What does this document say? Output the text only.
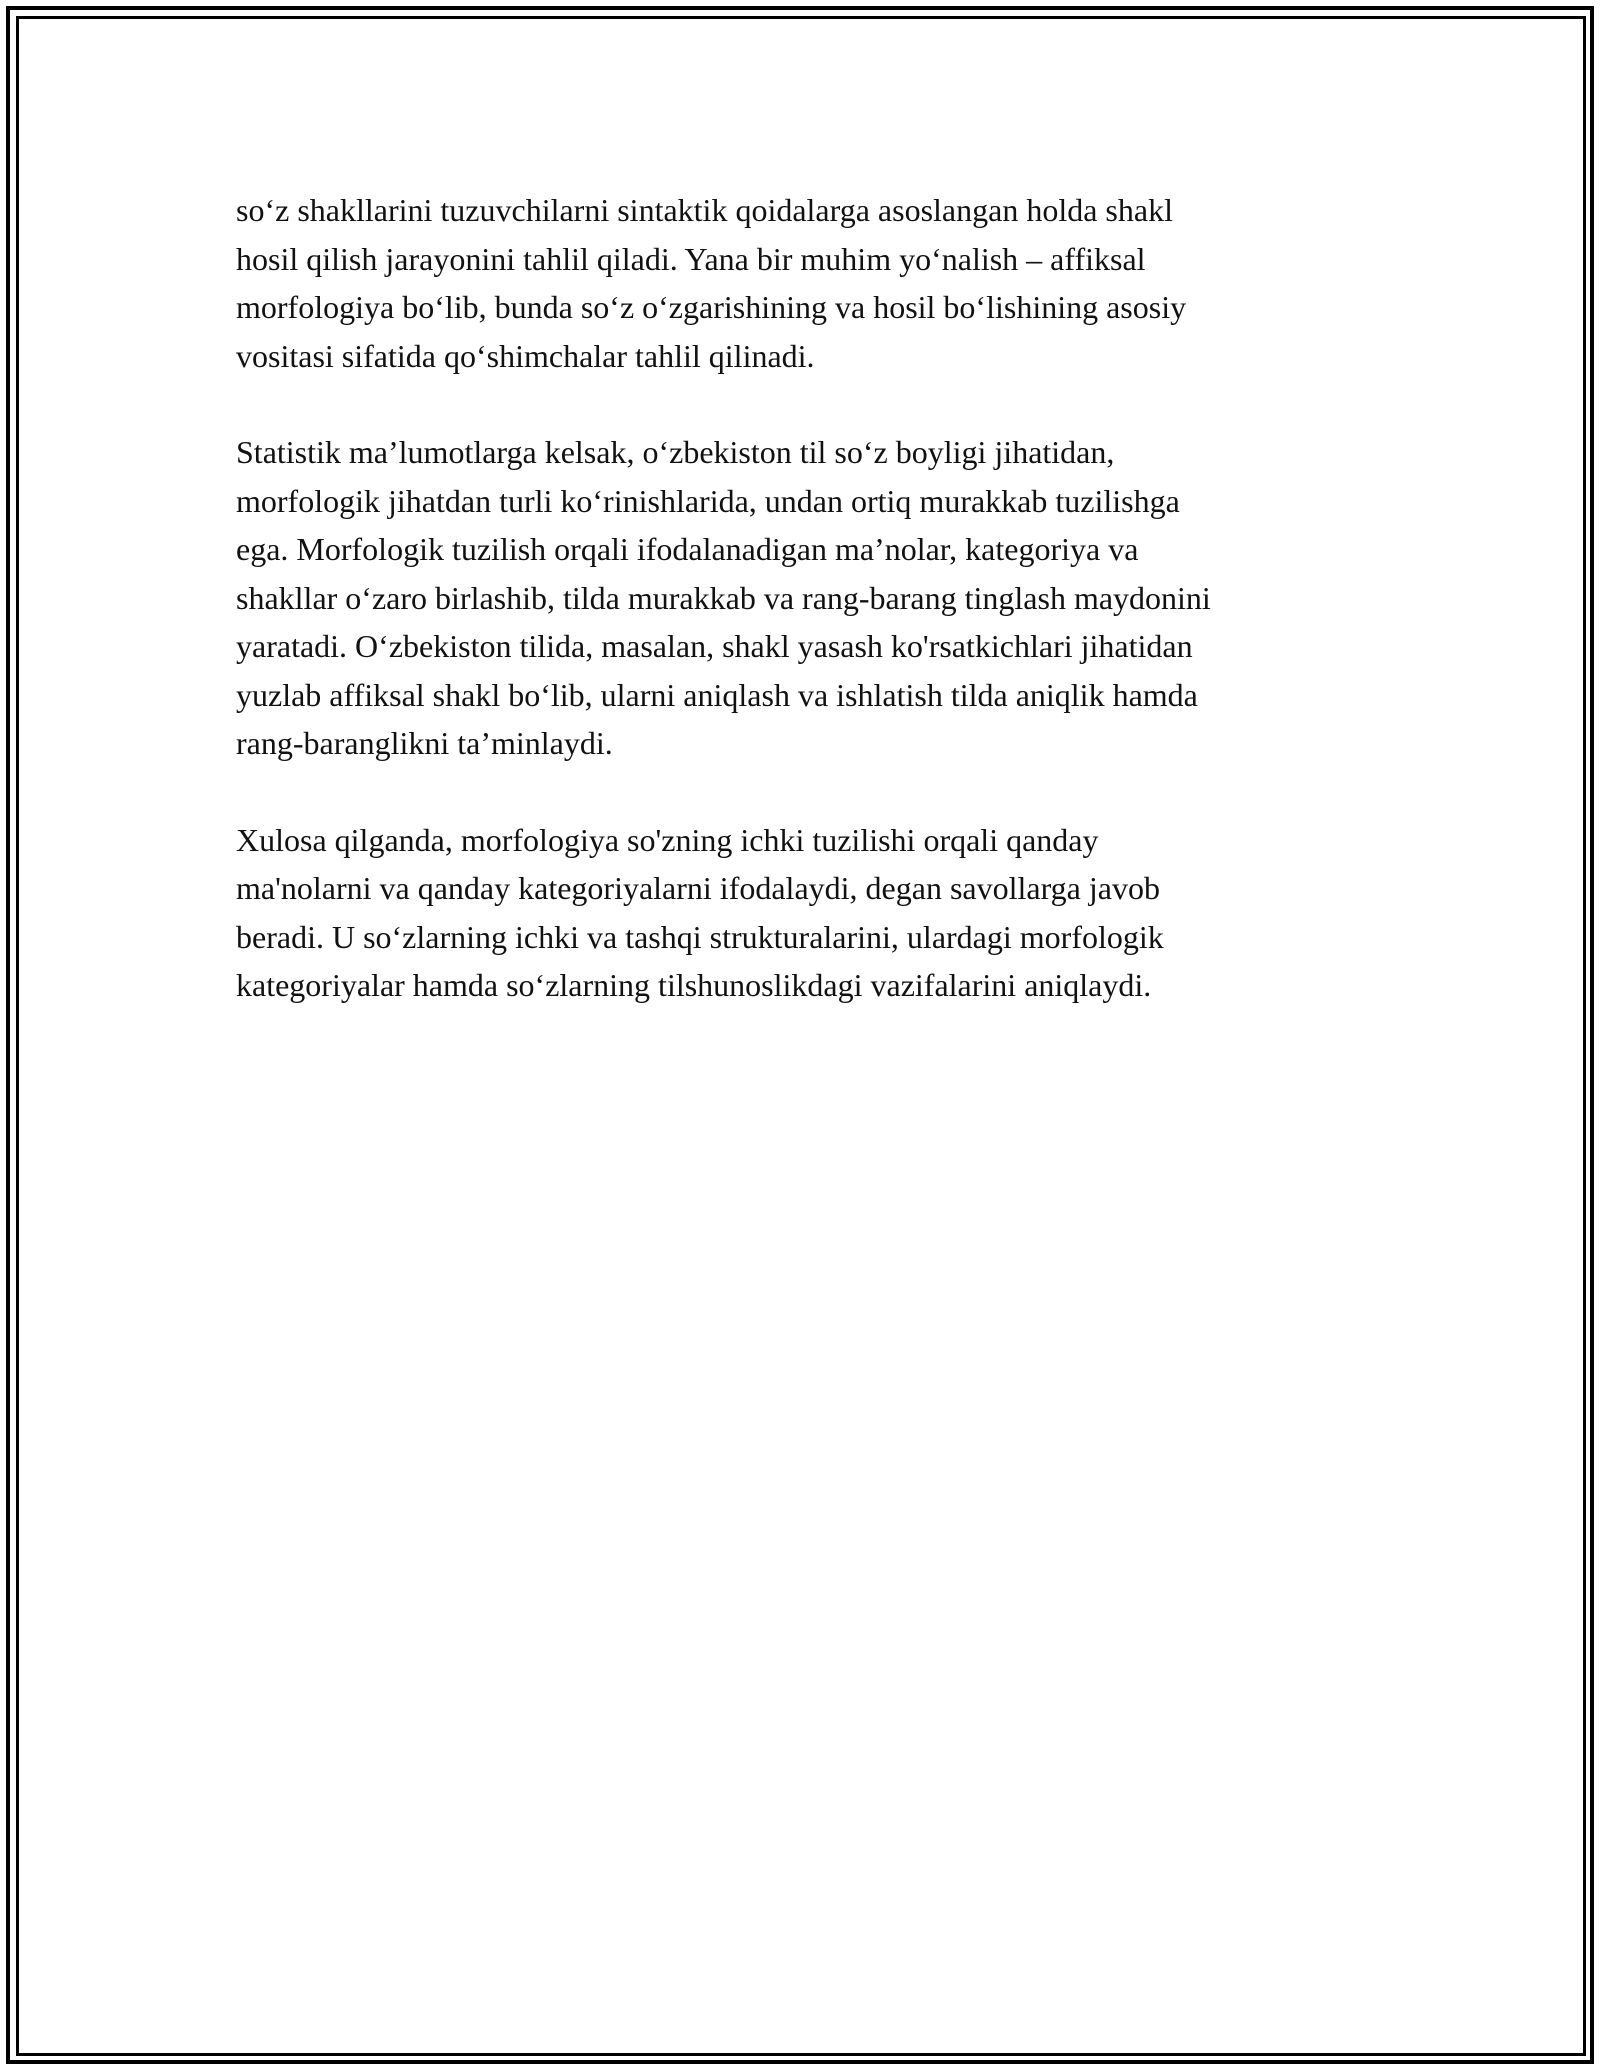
so‘z shakllarini tuzuvchilarni sintaktik qoidalarga asoslangan holda shakl
hosil qilish jarayonini tahlil qiladi. Yana bir muhim yo‘nalish – affiksal
morfologiya bo‘lib, bunda so‘z o‘zgarishining va hosil bo‘lishining asosiy
vositasi sifatida qo‘shimchalar tahlil qilinadi.

Statistik ma’lumotlarga kelsak, o‘zbekiston til so‘z boyligi jihatidan,
morfologik jihatdan turli ko‘rinishlarida, undan ortiq murakkab tuzilishga
ega. Morfologik tuzilish orqali ifodalanadigan ma’nolar, kategoriya va
shakllar o‘zaro birlashib, tilda murakkab va rang-barang tinglash maydonini
yaratadi. O‘zbekiston tilida, masalan, shakl yasash ko'rsatkichlari jihatidan
yuzlab affiksal shakl bo‘lib, ularni aniqlash va ishlatish tilda aniqlik hamda
rang-baranglikni ta’minlaydi.

Xulosa qilganda, morfologiya so'zning ichki tuzilishi orqali qanday
ma'nolarni va qanday kategoriyalarni ifodalaydi, degan savollarga javob
beradi. U so‘zlarning ichki va tashqi strukturalarini, ulardagi morfologik
kategoriyalar hamda so‘zlarning tilshunoslikdagi vazifalarini aniqlaydi.
